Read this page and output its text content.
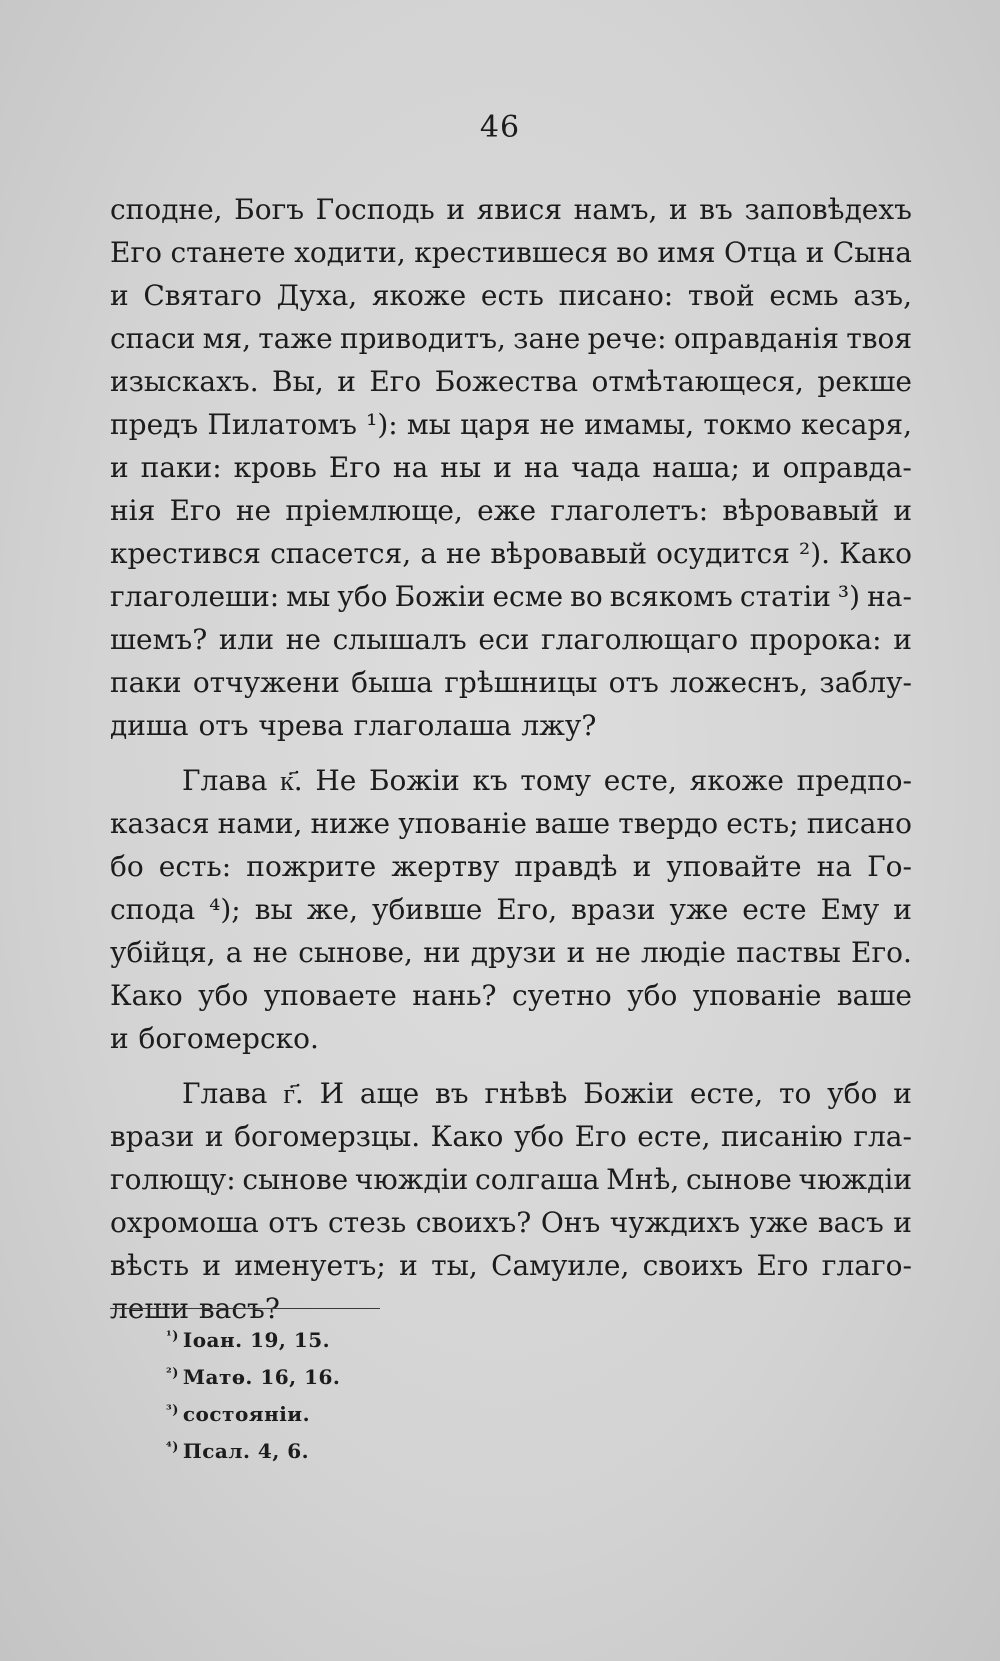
46
сподне, Богъ Господь и явися намъ, и въ заповѣдехъ
Его станете ходити, крестившеся во имя Отца и Сына
и Святаго Духа, якоже есть писано: твой есмь азъ,
спаси мя, таже приводитъ, зане рече: оправданія твоя
изыскахъ. Вы, и Его Божества отмѣтающеся, рекше
предъ Пилатомъ ¹): мы царя не имамы, токмо кесаря,
и паки: кровь Его на ны и на чада наша; и оправда-
нія Его не пріемлюще, еже глаголетъ: вѣровавый и
крестився спасется, а не вѣровавый осудится ²). Како
глаголеши: мы убо Божіи есме во всякомъ статіи ³) на-
шемъ? или не слышалъ еси глаголющаго пророка: и
паки отчужени быша грѣшницы отъ ложеснъ, заблу-
диша отъ чрева глаголаша лжу?
Глава к҃. Не Божіи къ тому есте, якоже предпо-
казася нами, ниже упованіе ваше твердо есть; писано
бо есть: пожрите жертву правдѣ и уповайте на Го-
спода ⁴); вы же, убивше Его, врази уже есте Ему и
убійця, а не сынове, ни друзи и не людіе паствы Его.
Како убо уповаете нань? суетно убо упованіе ваше
и богомерско.
Глава г҃. И аще въ гнѣвѣ Божіи есте, то убо и
врази и богомерзцы. Како убо Его есте, писанію гла-
голющу: сынове чюждіи солгаша Мнѣ, сынове чюждіи
охромоша отъ стезь своихъ? Онъ чуждихъ уже васъ и
вѣсть и именуетъ; и ты, Самуиле, своихъ Его глаго-
леши васъ?
$^{^1)}$ Іоан. 19, 15.
$^{^2)}$ Матѳ. 16, 16.
$^{^3)}$ состояніи.
$^{^4)}$ Псал. 4, 6.
